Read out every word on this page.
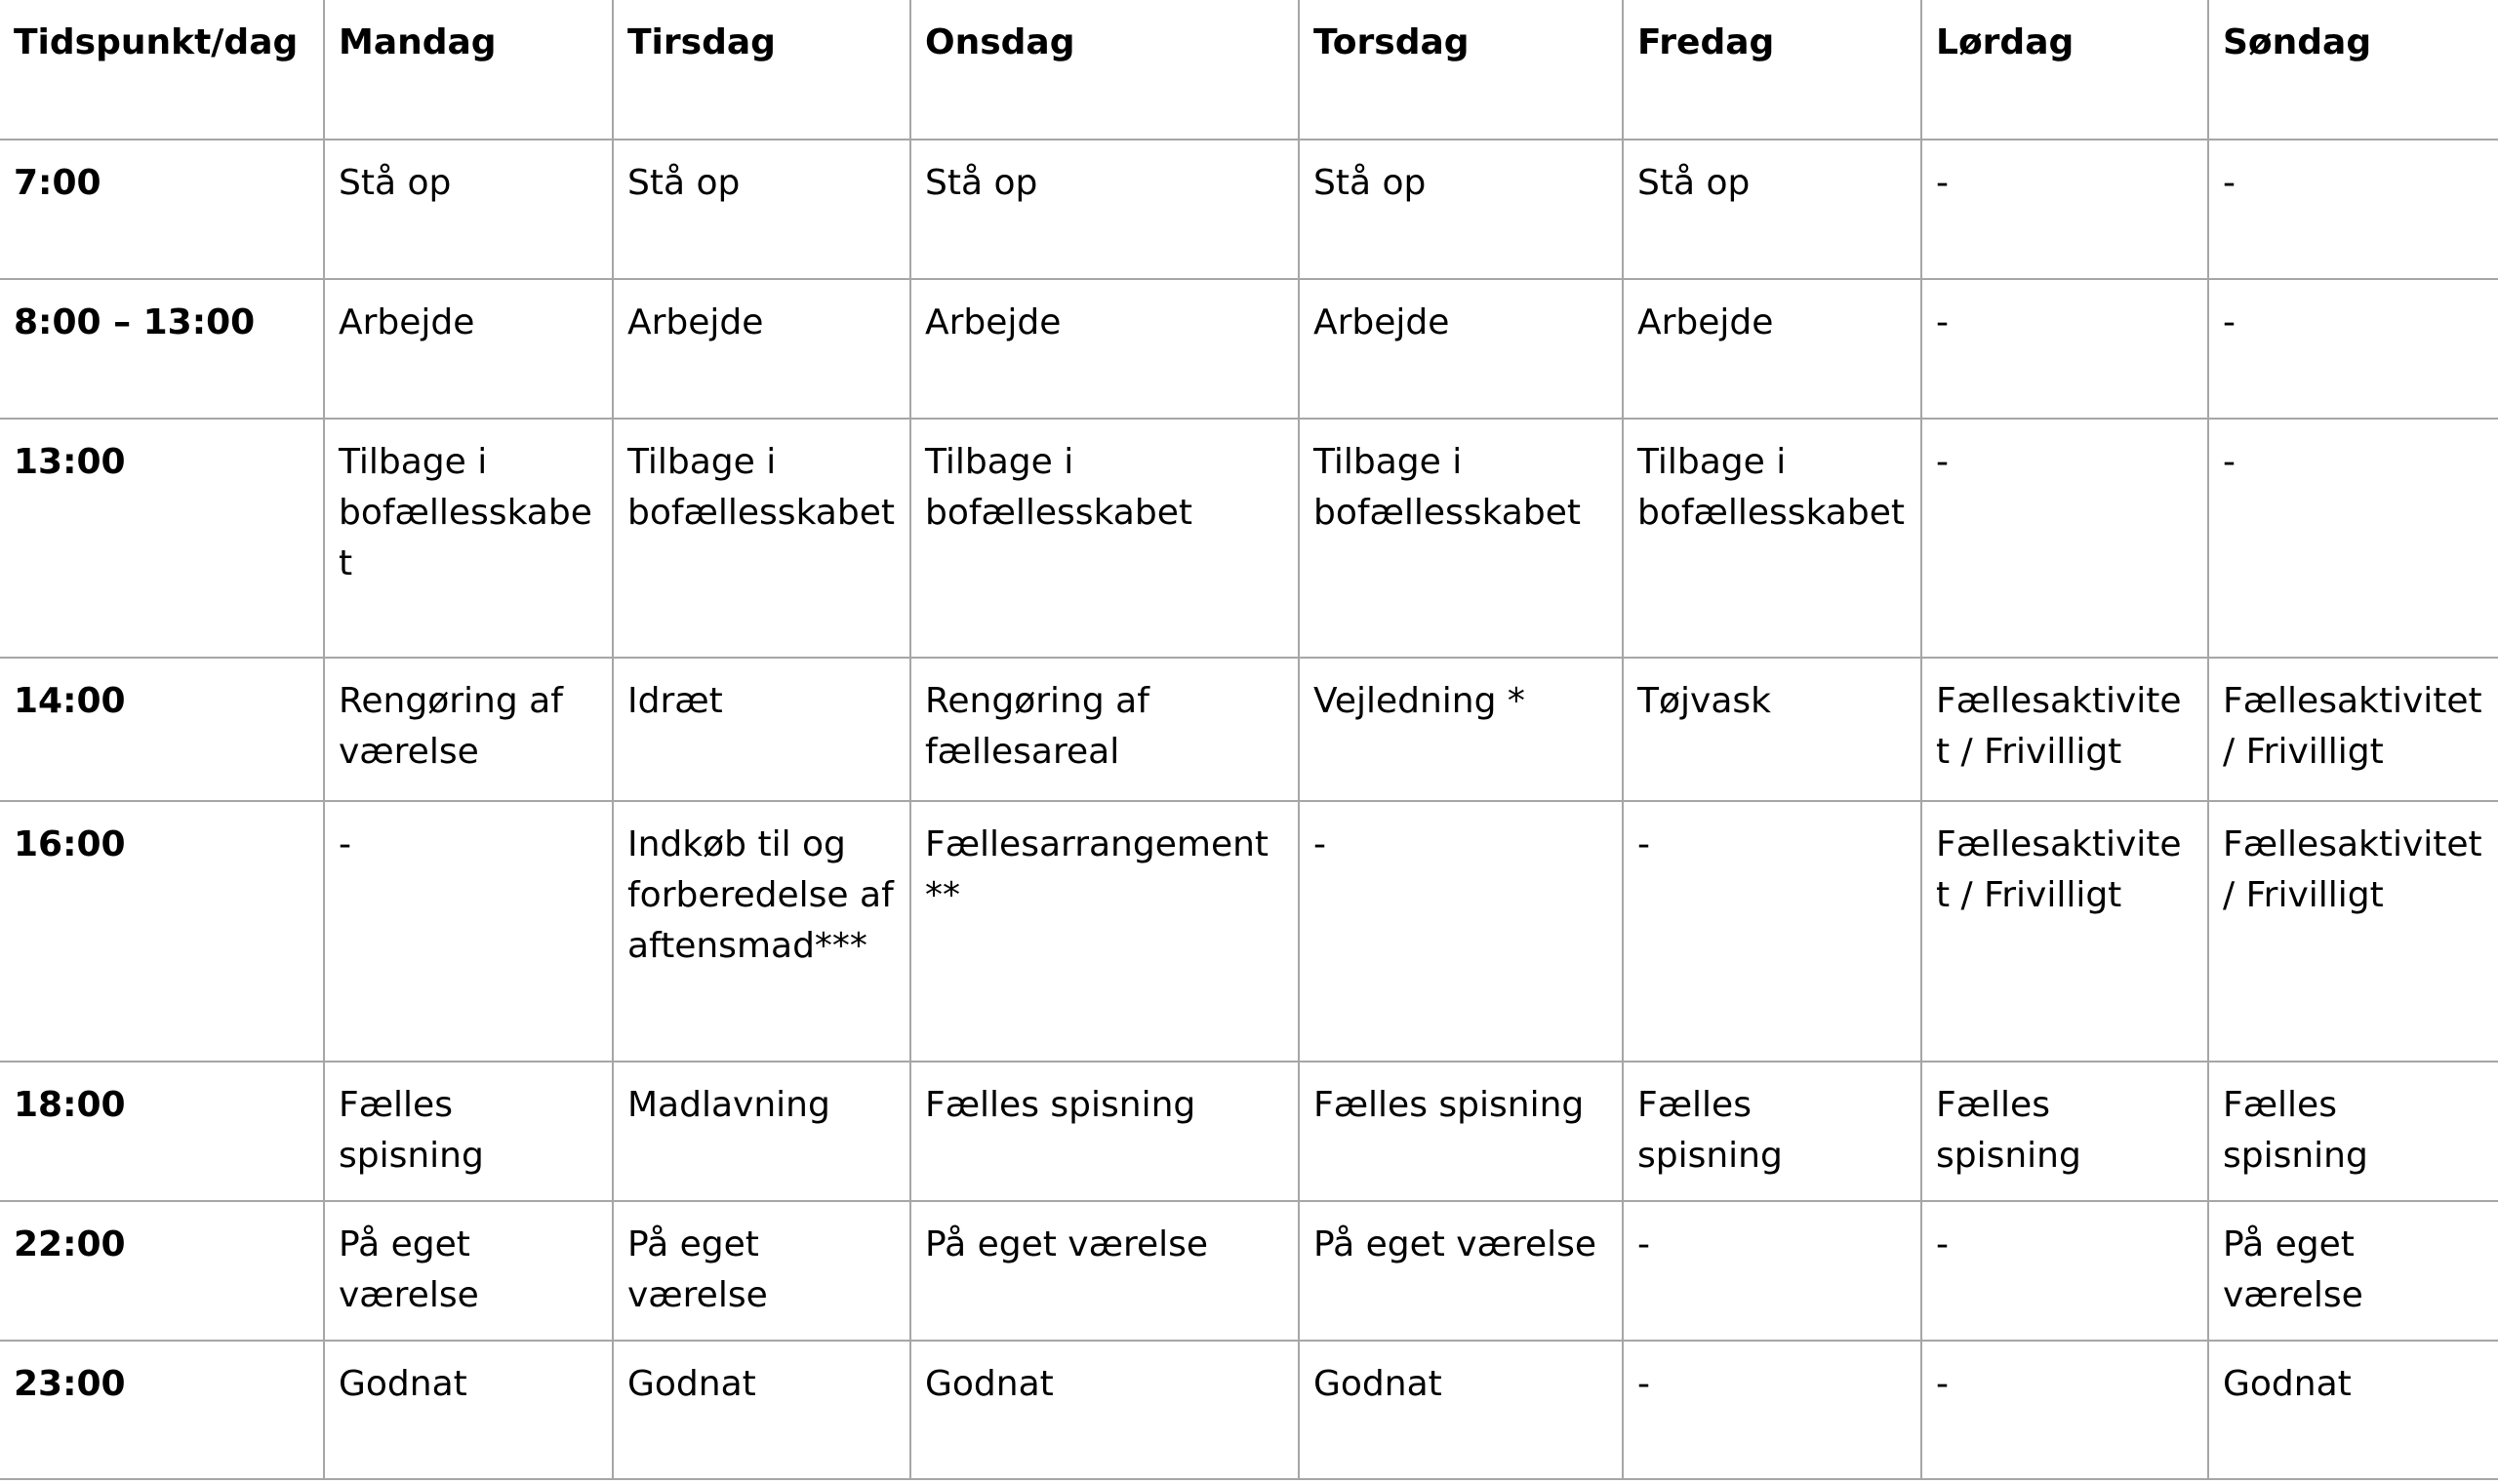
Tidspunkt/dag	Mandag	Tirsdag	Onsdag	Torsdag	Fredag	Lørdag	Søndag
7:00	Stå op	Stå op	Stå op	Stå op	Stå op	-	-
8:00 – 13:00	Arbejde	Arbejde	Arbejde	Arbejde	Arbejde	-	-
13:00	Tilbage i bofællesskabet	Tilbage i bofællesskabet	Tilbage i bofællesskabet	Tilbage i bofællesskabet	Tilbage i bofællesskabet	-	-
14:00	Rengøring af værelse	Idræt	Rengøring af fællesareal	Vejledning *	Tøjvask	Fællesaktivitet / Frivilligt	Fællesaktivitet / Frivilligt
16:00	-	Indkøb til og forberedelse af aftensmad***	Fællesarrangement**	-	-	Fællesaktivitet / Frivilligt	Fællesaktivitet / Frivilligt
18:00	Fælles spisning	Madlavning	Fælles spisning	Fælles spisning	Fælles spisning	Fælles spisning	Fælles spisning
22:00	På eget værelse	På eget værelse	På eget værelse	På eget værelse	-	-	På eget værelse
23:00	Godnat	Godnat	Godnat	Godnat	-	-	Godnat
